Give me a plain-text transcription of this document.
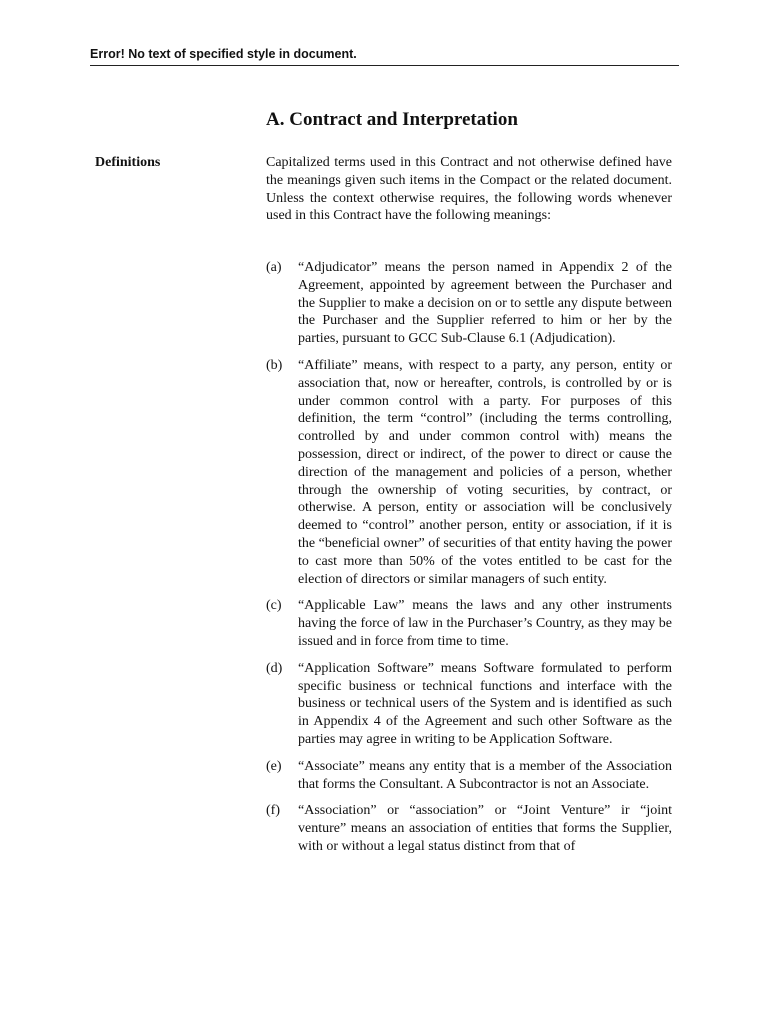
Error! No text of specified style in document.
A. Contract and Interpretation
Definitions	Capitalized terms used in this Contract and not otherwise defined have the meanings given such items in the Compact or the related document. Unless the context otherwise requires, the following words whenever used in this Contract have the following meanings:
(a)	“Adjudicator” means the person named in Appendix 2 of the Agreement, appointed by agreement between the Purchaser and the Supplier to make a decision on or to settle any dispute between the Purchaser and the Supplier referred to him or her by the parties, pursuant to GCC Sub-Clause 6.1 (Adjudication).
(b)	“Affiliate” means, with respect to a party, any person, entity or association that, now or hereafter, controls, is controlled by or is under common control with a party. For purposes of this definition, the term “control” (including the terms controlling, controlled by and under common control with) means the possession, direct or indirect, of the power to direct or cause the direction of the management and policies of a person, whether through the ownership of voting securities, by contract, or otherwise. A person, entity or association will be conclusively deemed to “control” another person, entity or association, if it is the “beneficial owner” of securities of that entity having the power to cast more than 50% of the votes entitled to be cast for the election of directors or similar managers of such entity.
(c)	“Applicable Law” means the laws and any other instruments having the force of law in the Purchaser’s Country, as they may be issued and in force from time to time.
(d)	“Application Software” means Software formulated to perform specific business or technical functions and interface with the business or technical users of the System and is identified as such in Appendix 4 of the Agreement and such other Software as the parties may agree in writing to be Application Software.
(e)	“Associate” means any entity that is a member of the Association that forms the Consultant. A Subcontractor is not an Associate.
(f)	“Association” or “association” or “Joint Venture” ir “joint venture” means an association of entities that forms the Supplier, with or without a legal status distinct from that of
